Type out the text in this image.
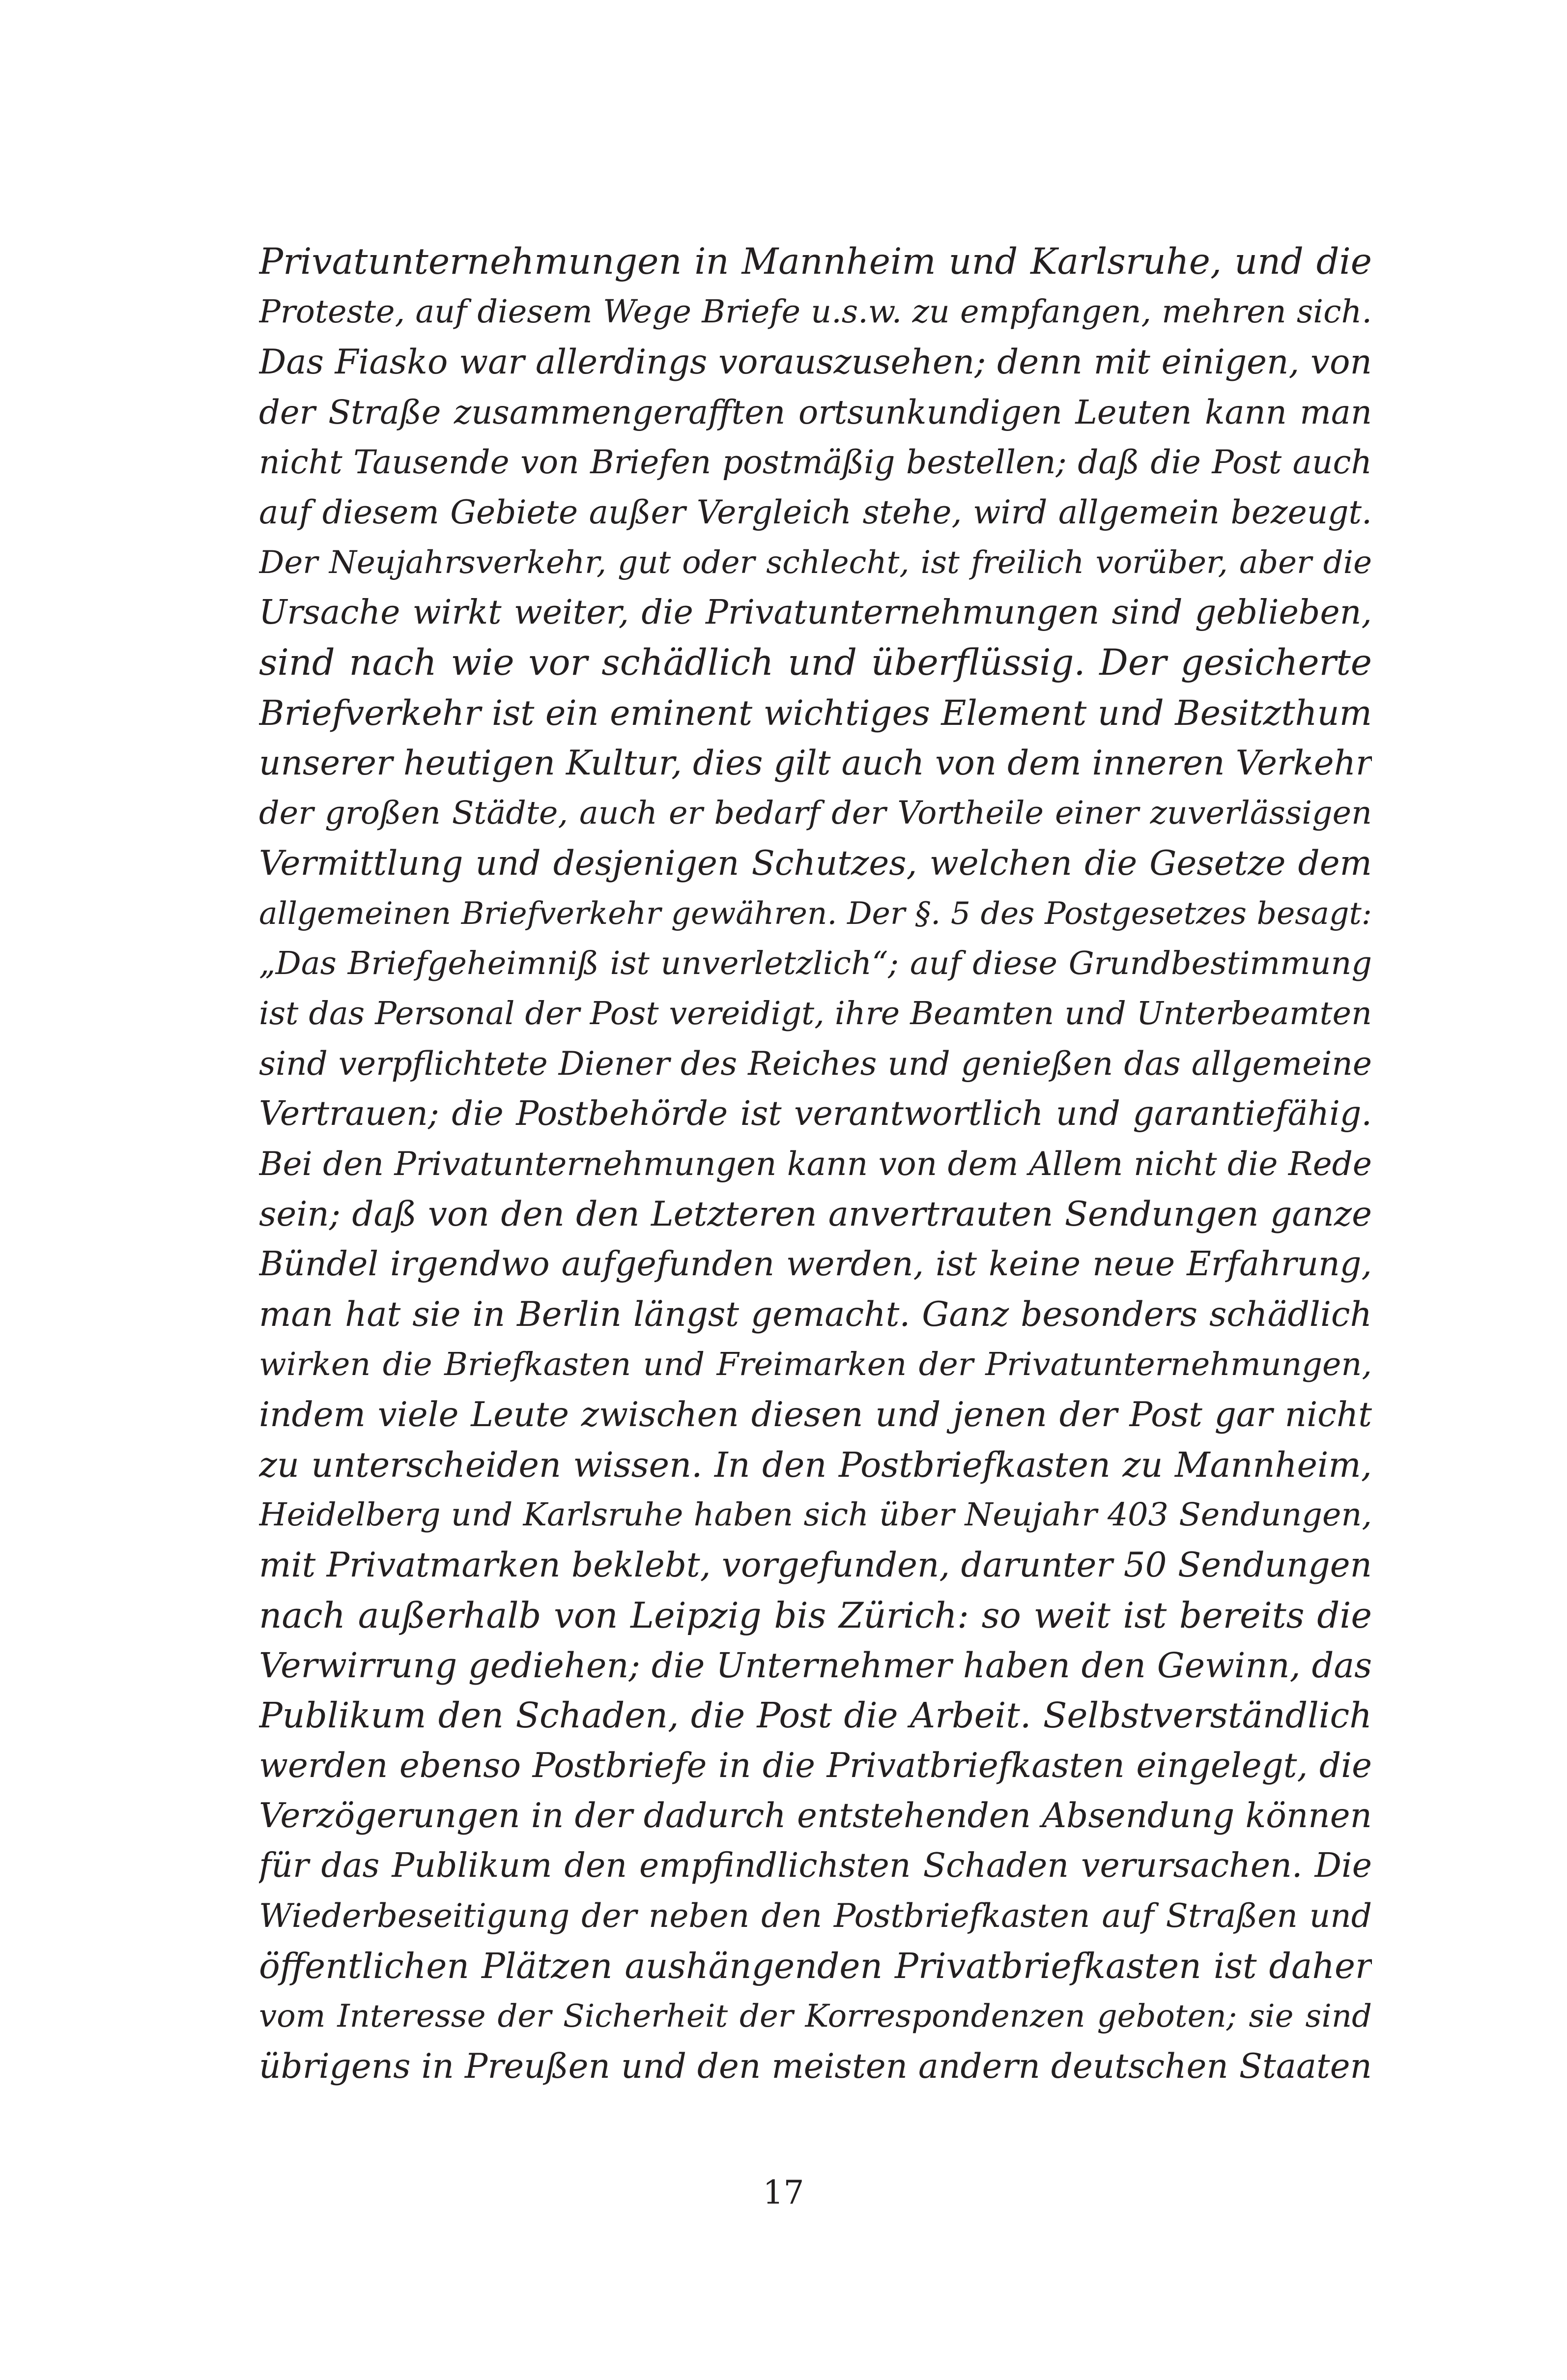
Privatunternehmungen in Mannheim und Karlsruhe, und die
Proteste, auf diesem Wege Briefe u.s.w. zu empfangen, mehren sich.
Das Fiasko war allerdings vorauszusehen; denn mit einigen, von
der Straße zusammengerafften ortsunkundigen Leuten kann man
nicht Tausende von Briefen postmäßig bestellen; daß die Post auch
auf diesem Gebiete außer Vergleich stehe, wird allgemein bezeugt.
Der Neujahrsverkehr, gut oder schlecht, ist freilich vorüber, aber die
Ursache wirkt weiter, die Privatunternehmungen sind geblieben,
sind nach wie vor schädlich und überflüssig. Der gesicherte
Briefverkehr ist ein eminent wichtiges Element und Besitzthum
unserer heutigen Kultur, dies gilt auch von dem inneren Verkehr
der großen Städte, auch er bedarf der Vortheile einer zuverlässigen
Vermittlung und desjenigen Schutzes, welchen die Gesetze dem
allgemeinen Briefverkehr gewähren. Der §. 5 des Postgesetzes besagt:
„Das Briefgeheimniß ist unverletzlich“; auf diese Grundbestimmung
ist das Personal der Post vereidigt, ihre Beamten und Unterbeamten
sind verpflichtete Diener des Reiches und genießen das allgemeine
Vertrauen; die Postbehörde ist verantwortlich und garantiefähig.
Bei den Privatunternehmungen kann von dem Allem nicht die Rede
sein; daß von den den Letzteren anvertrauten Sendungen ganze
Bündel irgendwo aufgefunden werden, ist keine neue Erfahrung,
man hat sie in Berlin längst gemacht. Ganz besonders schädlich
wirken die Briefkasten und Freimarken der Privatunternehmungen,
indem viele Leute zwischen diesen und jenen der Post gar nicht
zu unterscheiden wissen. In den Postbriefkasten zu Mannheim,
Heidelberg und Karlsruhe haben sich über Neujahr 403 Sendungen,
mit Privatmarken beklebt, vorgefunden, darunter 50 Sendungen
nach außerhalb von Leipzig bis Zürich: so weit ist bereits die
Verwirrung gediehen; die Unternehmer haben den Gewinn, das
Publikum den Schaden, die Post die Arbeit. Selbstverständlich
werden ebenso Postbriefe in die Privatbriefkasten eingelegt, die
Verzögerungen in der dadurch entstehenden Absendung können
für das Publikum den empfindlichsten Schaden verursachen. Die
Wiederbeseitigung der neben den Postbriefkasten auf Straßen und
öffentlichen Plätzen aushängenden Privatbriefkasten ist daher
vom Interesse der Sicherheit der Korrespondenzen geboten; sie sind
übrigens in Preußen und den meisten andern deutschen Staaten
17
